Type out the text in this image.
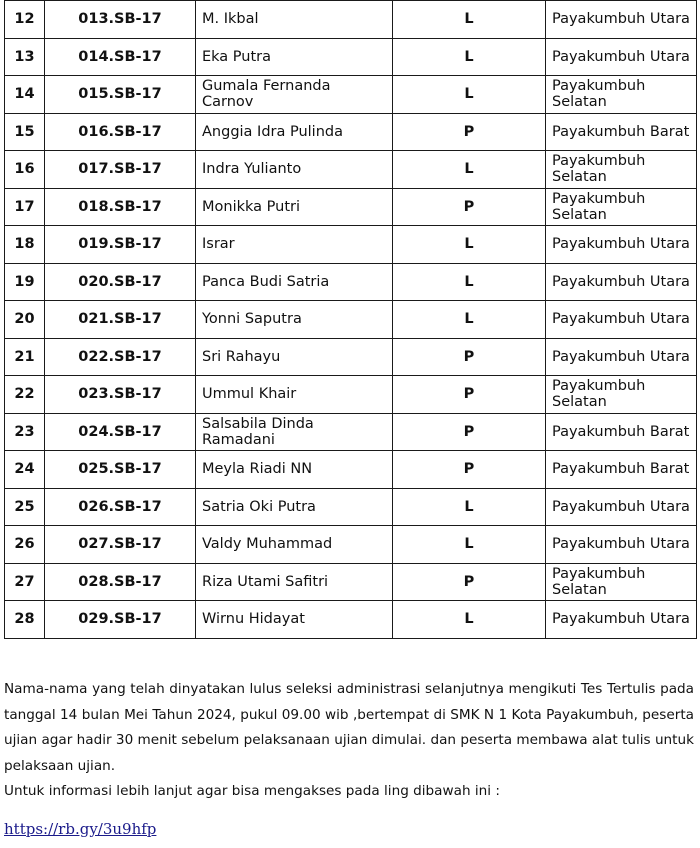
12	013.SB-17	M. Ikbal	L	Payakumbuh Utara
13	014.SB-17	Eka Putra	L	Payakumbuh Utara
14	015.SB-17	Gumala Fernanda Carnov	L	Payakumbuh Selatan
15	016.SB-17	Anggia Idra Pulinda	P	Payakumbuh Barat
16	017.SB-17	Indra Yulianto	L	Payakumbuh Selatan
17	018.SB-17	Monikka Putri	P	Payakumbuh Selatan
18	019.SB-17	Israr	L	Payakumbuh Utara
19	020.SB-17	Panca Budi Satria	L	Payakumbuh Utara
20	021.SB-17	Yonni Saputra	L	Payakumbuh Utara
21	022.SB-17	Sri Rahayu	P	Payakumbuh Utara
22	023.SB-17	Ummul Khair	P	Payakumbuh Selatan
23	024.SB-17	Salsabila Dinda Ramadani	P	Payakumbuh Barat
24	025.SB-17	Meyla Riadi NN	P	Payakumbuh Barat
25	026.SB-17	Satria Oki Putra	L	Payakumbuh Utara
26	027.SB-17	Valdy Muhammad	L	Payakumbuh Utara
27	028.SB-17	Riza Utami Safitri	P	Payakumbuh Selatan
28	029.SB-17	Wirnu Hidayat	L	Payakumbuh Utara

Nama-nama yang telah dinyatakan lulus seleksi administrasi selanjutnya mengikuti Tes Tertulis pada tanggal 14 bulan Mei Tahun 2024, pukul 09.00 wib ,bertempat di SMK N 1 Kota Payakumbuh, peserta ujian agar hadir 30 menit sebelum pelaksanaan ujian dimulai. dan peserta membawa alat tulis untuk pelaksaan ujian.

Untuk informasi lebih lanjut agar bisa mengakses pada ling dibawah ini :

https://rb.gy/3u9hfp
